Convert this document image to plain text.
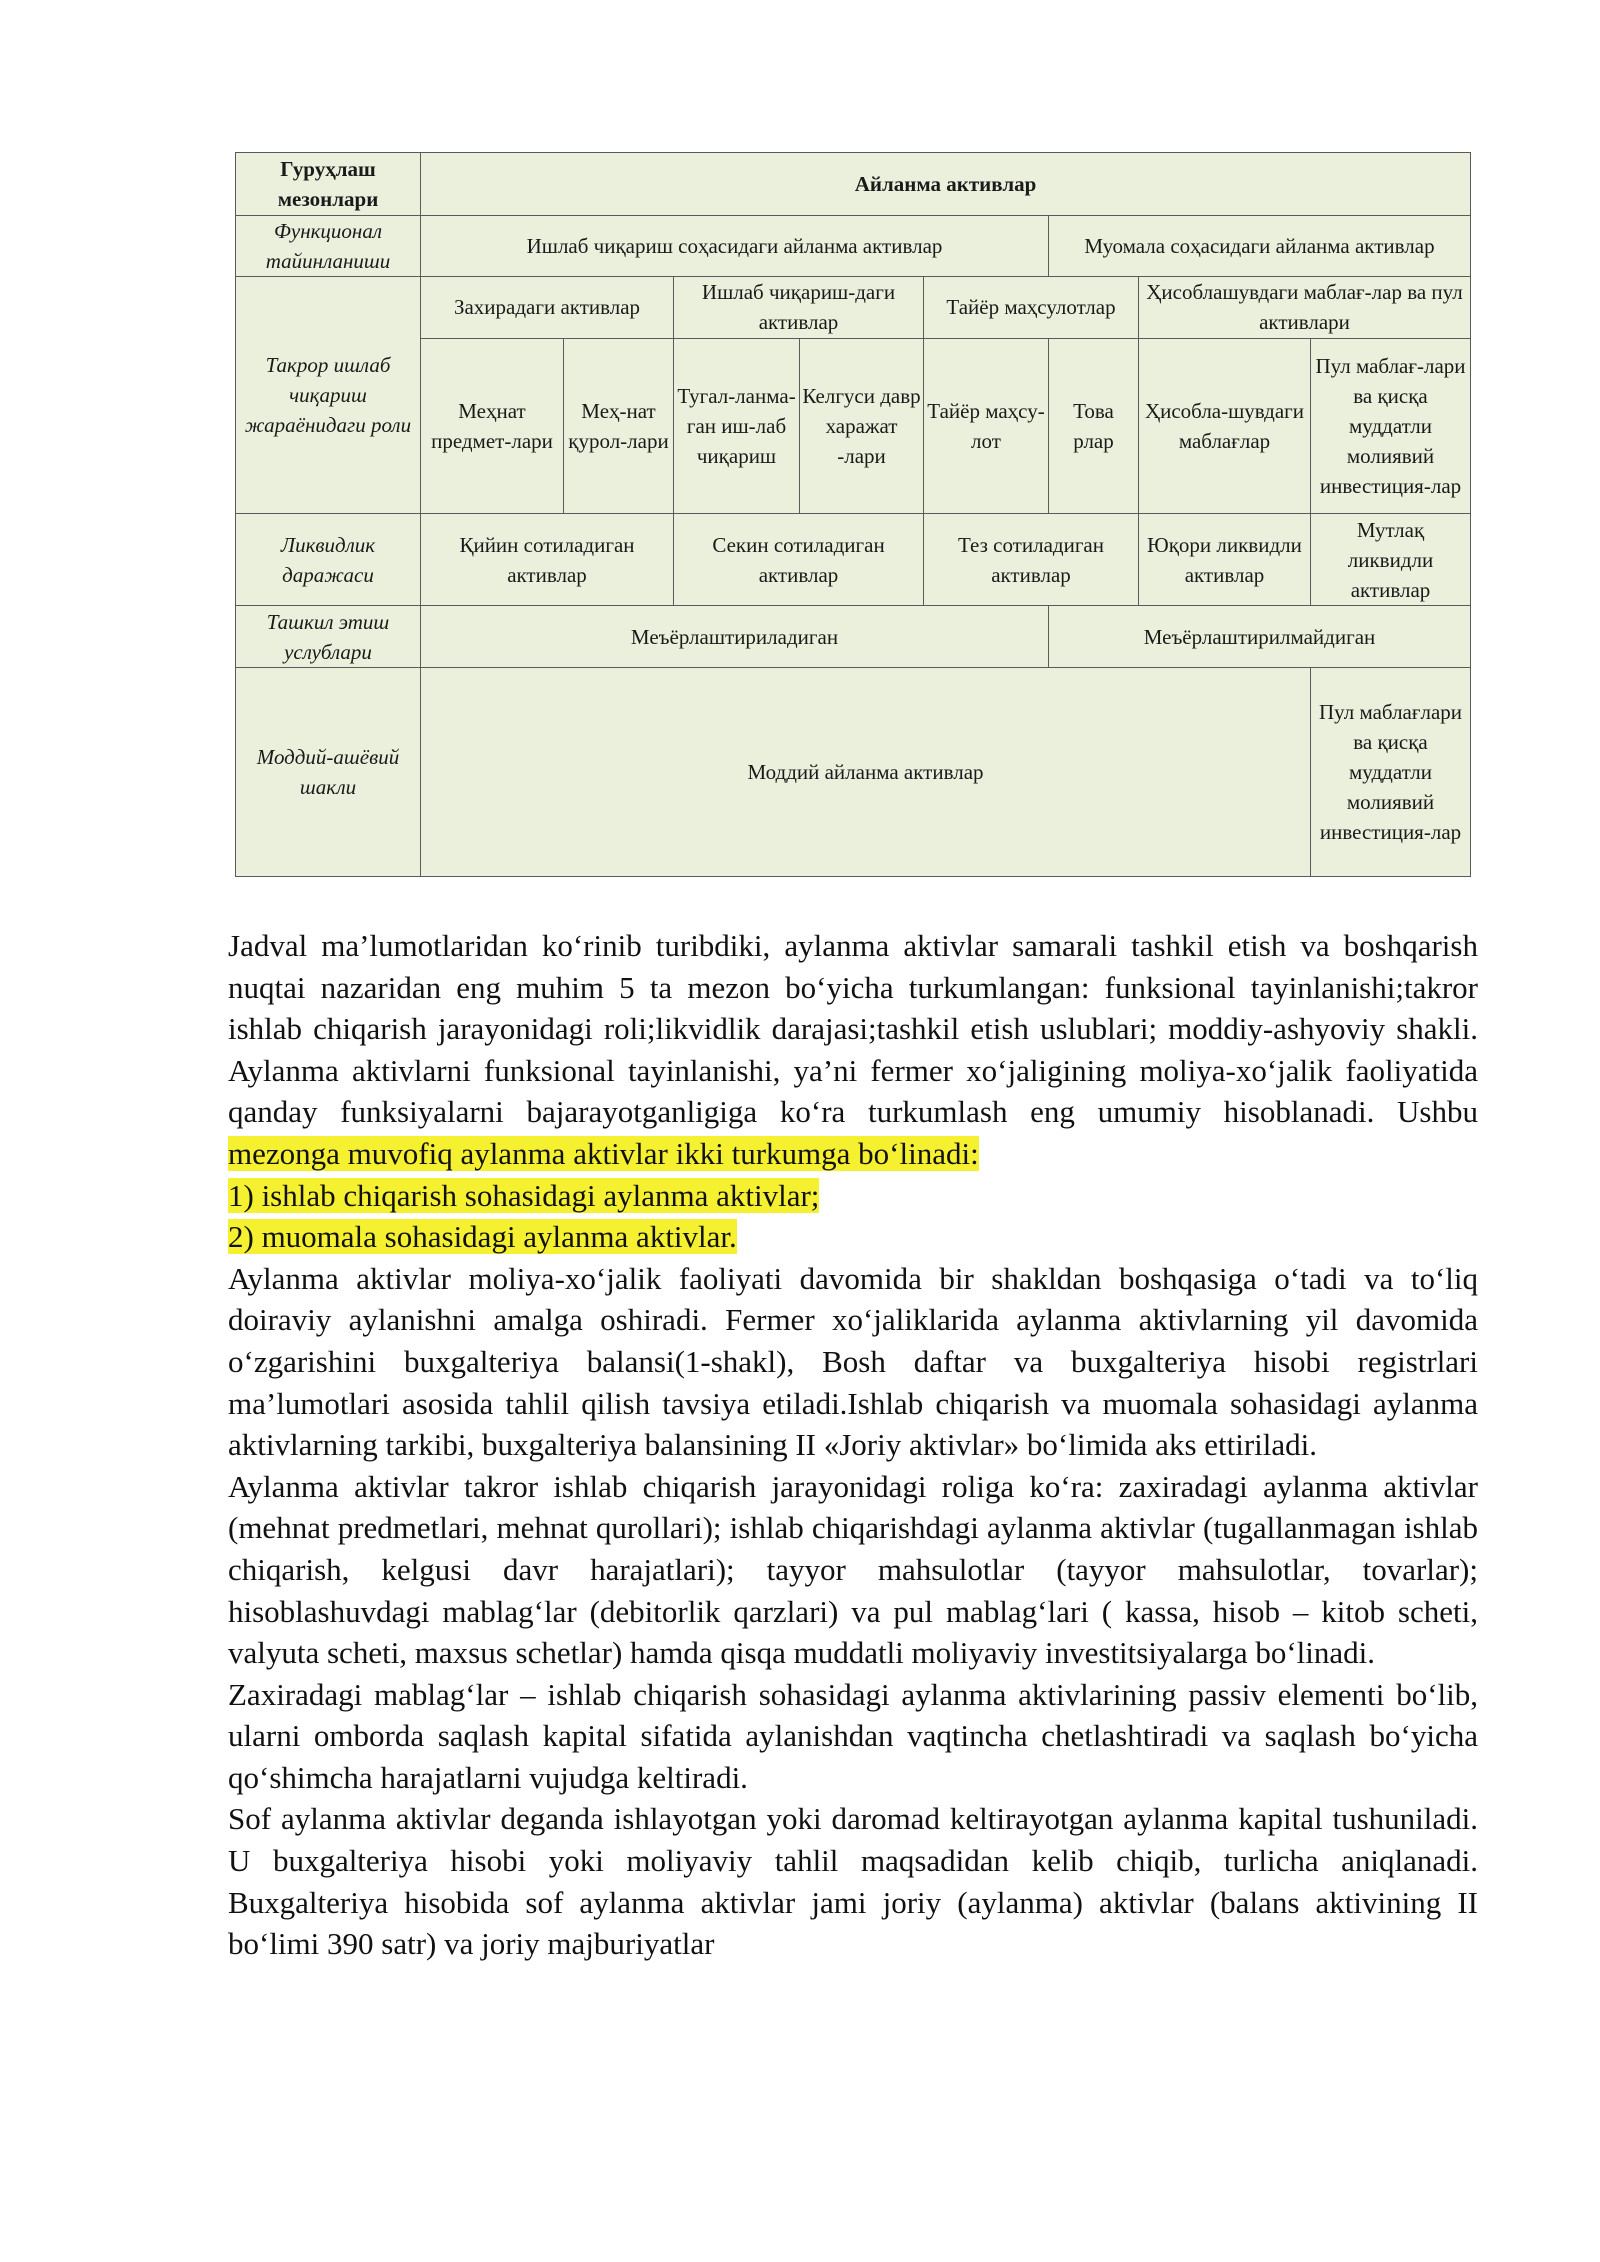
Гуруҳлаш мезонлари	Айланма активлар							
Функционал тайинланиши	Ишлаб чиқариш соҳасидаги айланма активлар					Муомала соҳасидаги айланма активлар		
Такрор ишлаб чиқариш жараёнидаги роли	Захирадаги активлар		Ишлаб чиқариш-даги активлар		Тайёр маҳсулотлар		Ҳисоблашувдаги маблағ-лар ва пул активлари	
	Меҳнат предмет-лари	Меҳ-нат қурол-лари	Тугал-ланма-ган иш-лаб чиқариш	Келгуси давр харажат -лари	Тайёр маҳсу-лот	Това рлар	Ҳисобла-шувдаги маблағлар	Пул маблағ-лари ва қисқа муддатли молиявий инвестиция-лар
Ликвидлик даражаси	Қийин сотиладиган активлар		Секин сотиладиган активлар		Тез сотиладиган активлар		Юқори ликвидли активлар	Мутлақ ликвидли активлар
Ташкил этиш услублари	Меъёрлаштириладиган					Меъёрлаштирилмайдиган		
Моддий-ашёвий шакли	Моддий айланма активлар							Пул маблағлари ва қисқа муддатли молиявий инвестиция-лар

Jadval ma’lumotlaridan ko‘rinib turibdiki, aylanma aktivlar samarali tashkil etish va boshqarish nuqtai nazaridan eng muhim 5 ta mezon bo‘yicha turkumlangan: funksional tayinlanishi;takror ishlab chiqarish jarayonidagi roli;likvidlik darajasi;tashkil etish uslublari; moddiy-ashyoviy shakli. Aylanma aktivlarni funksional tayinlanishi, ya’ni fermer xo‘jaligining moliya-xo‘jalik faoliyatida qanday funksiyalarni bajarayotganligiga ko‘ra turkumlash eng umumiy hisoblanadi. Ushbu mezonga muvofiq aylanma aktivlar ikki turkumga bo‘linadi:

1) ishlab chiqarish sohasidagi aylanma aktivlar;

2) muomala sohasidagi aylanma aktivlar.

Aylanma aktivlar moliya-xo‘jalik faoliyati davomida bir shakldan boshqasiga o‘tadi va to‘liq doiraviy aylanishni amalga oshiradi. Fermer xo‘jaliklarida aylanma aktivlarning yil davomida o‘zgarishini buxgalteriya balansi(1-shakl), Bosh daftar va buxgalteriya hisobi registrlari ma’lumotlari asosida tahlil qilish tavsiya etiladi.Ishlab chiqarish va muomala sohasidagi aylanma aktivlarning tarkibi, buxgalteriya balansining II «Joriy aktivlar» bo‘limida aks ettiriladi.

Aylanma aktivlar takror ishlab chiqarish jarayonidagi roliga ko‘ra: zaxiradagi aylanma aktivlar (mehnat predmetlari, mehnat qurollari); ishlab chiqarishdagi aylanma aktivlar (tugallanmagan ishlab chiqarish, kelgusi davr harajatlari); tayyor mahsulotlar (tayyor mahsulotlar, tovarlar); hisoblashuvdagi mablag‘lar (debitorlik qarzlari) va pul mablag‘lari ( kassa, hisob – kitob scheti, valyuta scheti, maxsus schetlar) hamda qisqa muddatli moliyaviy investitsiyalarga bo‘linadi.

Zaxiradagi mablag‘lar – ishlab chiqarish sohasidagi aylanma aktivlarining passiv elementi bo‘lib, ularni omborda saqlash kapital sifatida aylanishdan vaqtincha chetlashtiradi va saqlash bo‘yicha qo‘shimcha harajatlarni vujudga keltiradi.

Sof aylanma aktivlar deganda ishlayotgan yoki daromad keltirayotgan aylanma kapital tushuniladi. U buxgalteriya hisobi yoki moliyaviy tahlil maqsadidan kelib chiqib, turlicha aniqlanadi. Buxgalteriya hisobida sof aylanma aktivlar jami joriy (aylanma) aktivlar (balans aktivining II bo‘limi 390 satr) va joriy majburiyatlar
